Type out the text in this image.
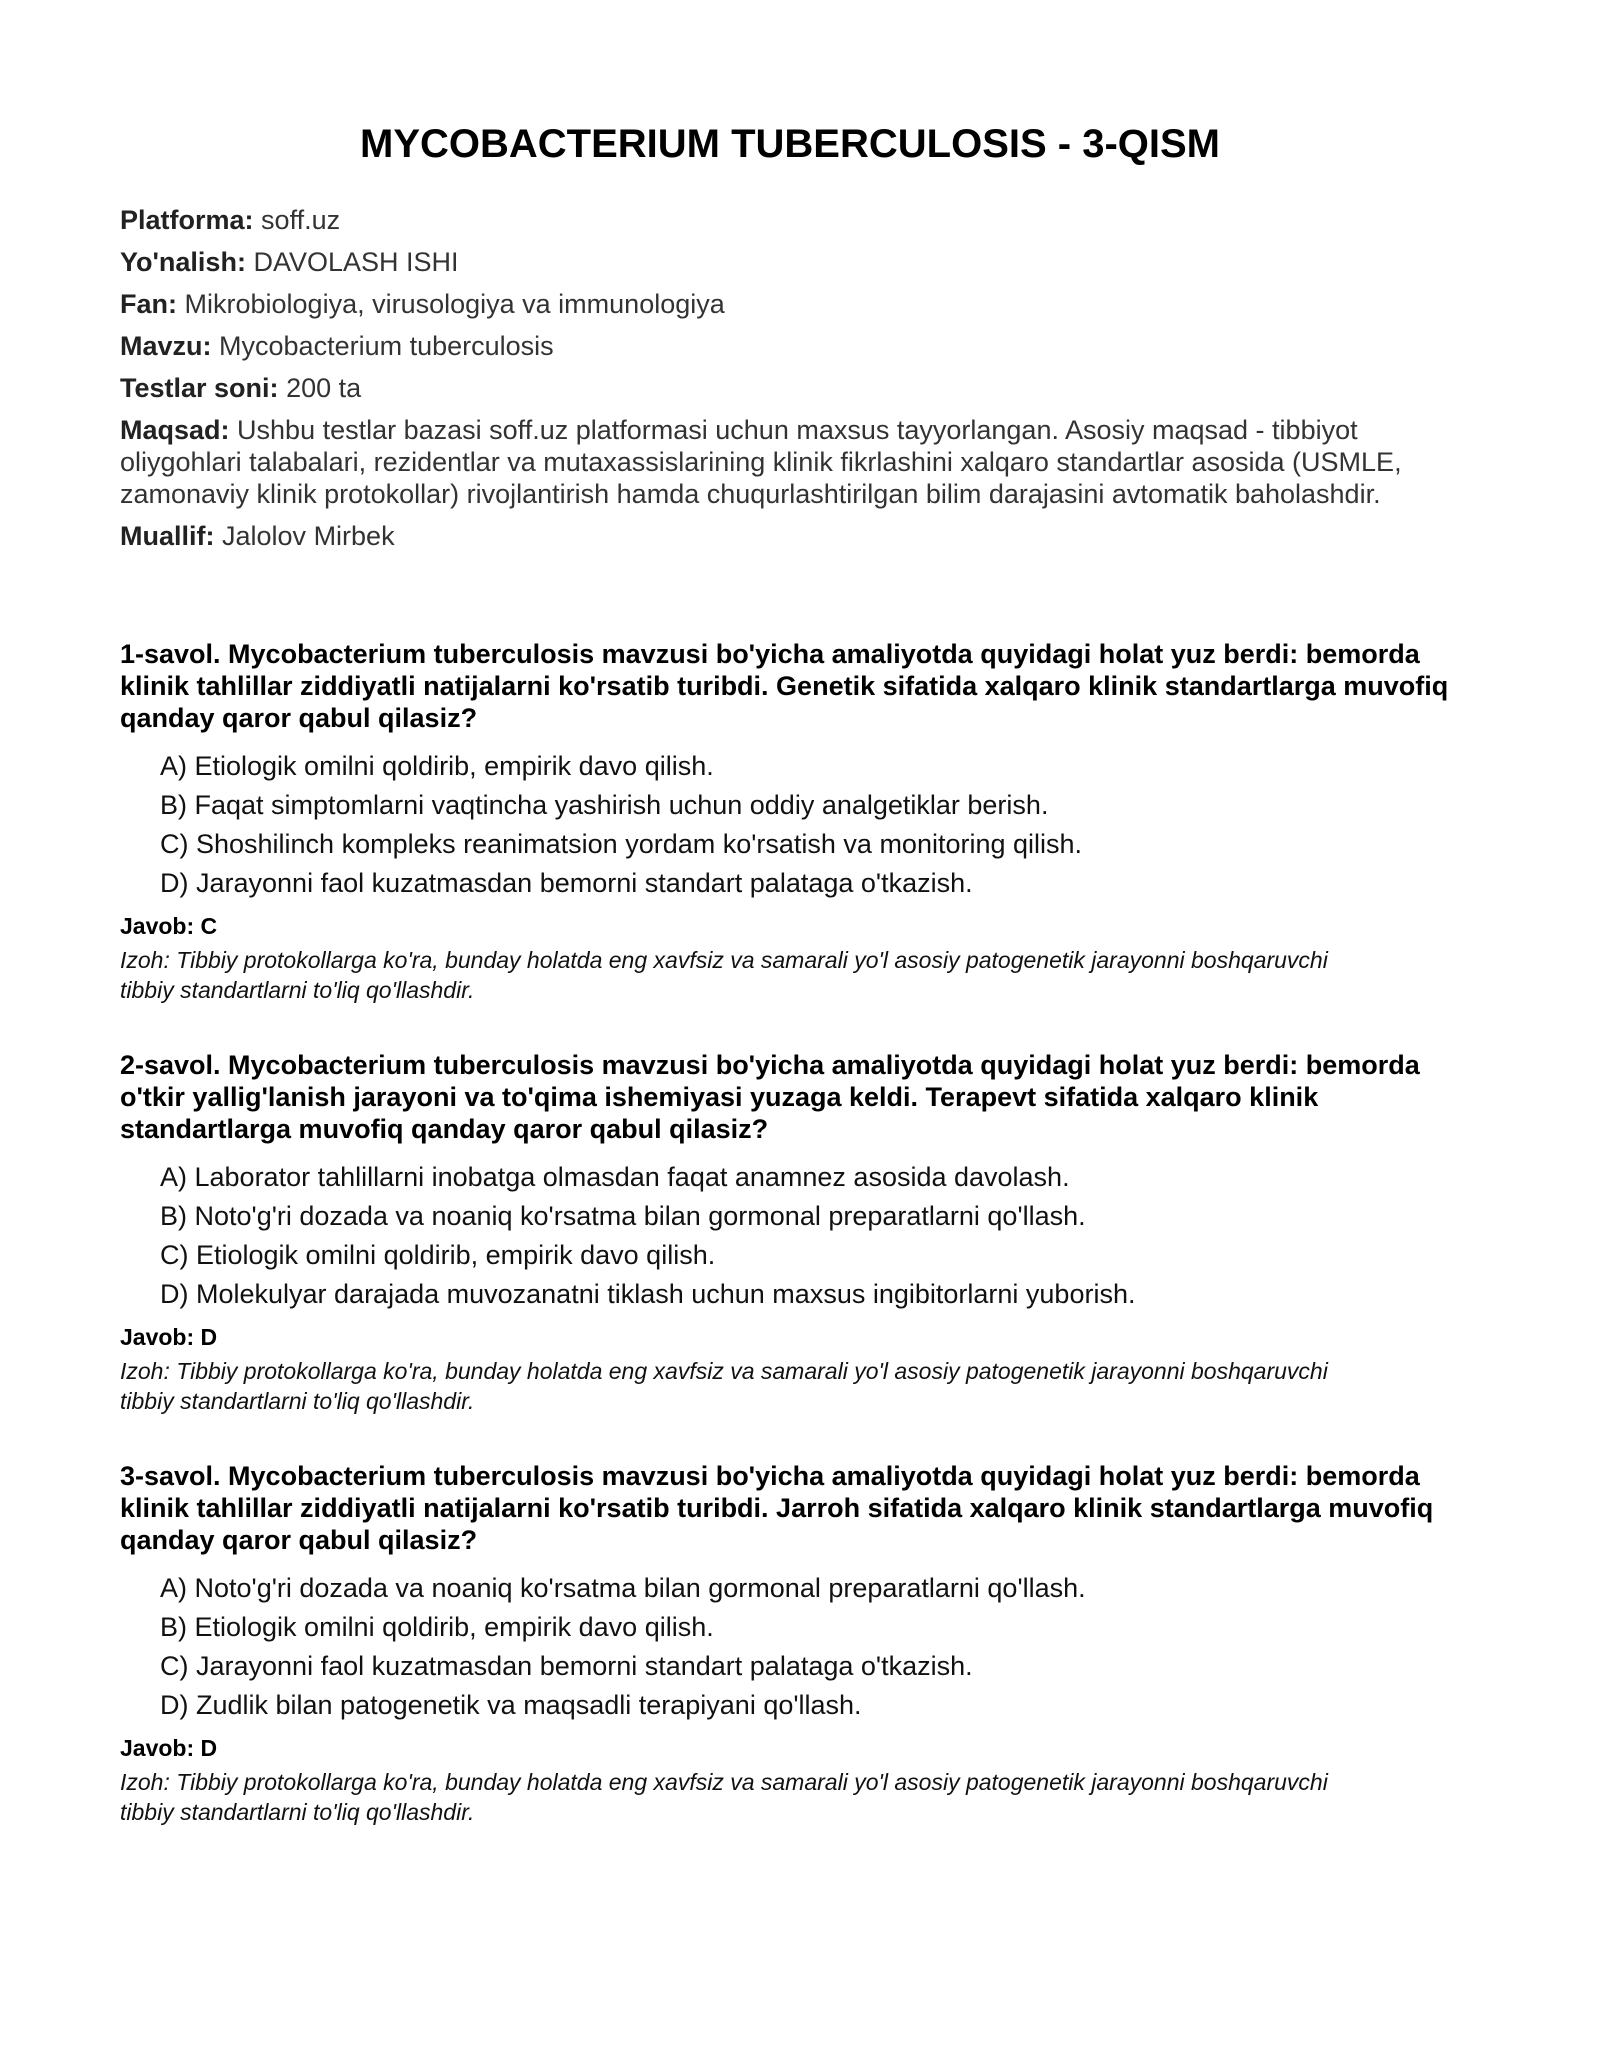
MYCOBACTERIUM TUBERCULOSIS - 3-QISM

Platforma: soff.uz

Yo'nalish: DAVOLASH ISHI

Fan: Mikrobiologiya, virusologiya va immunologiya

Mavzu: Mycobacterium tuberculosis

Testlar soni: 200 ta

Maqsad: Ushbu testlar bazasi soff.uz platformasi uchun maxsus tayyorlangan. Asosiy maqsad - tibbiyot oliygohlari talabalari, rezidentlar va mutaxassislarining klinik fikrlashini xalqaro standartlar asosida (USMLE, zamonaviy klinik protokollar) rivojlantirish hamda chuqurlashtirilgan bilim darajasini avtomatik baholashdir.

Muallif: Jalolov Mirbek

1-savol. Mycobacterium tuberculosis mavzusi bo'yicha amaliyotda quyidagi holat yuz berdi: bemorda klinik tahlillar ziddiyatli natijalarni ko'rsatib turibdi. Genetik sifatida xalqaro klinik standartlarga muvofiq qanday qaror qabul qilasiz?

A) Etiologik omilni qoldirib, empirik davo qilish.
B) Faqat simptomlarni vaqtincha yashirish uchun oddiy analgetiklar berish.
C) Shoshilinch kompleks reanimatsion yordam ko'rsatish va monitoring qilish.
D) Jarayonni faol kuzatmasdan bemorni standart palataga o'tkazish.

Javob: C

Izoh: Tibbiy protokollarga ko'ra, bunday holatda eng xavfsiz va samarali yo'l asosiy patogenetik jarayonni boshqaruvchi tibbiy standartlarni to'liq qo'llashdir.

2-savol. Mycobacterium tuberculosis mavzusi bo'yicha amaliyotda quyidagi holat yuz berdi: bemorda o'tkir yallig'lanish jarayoni va to'qima ishemiyasi yuzaga keldi. Terapevt sifatida xalqaro klinik standartlarga muvofiq qanday qaror qabul qilasiz?

A) Laborator tahlillarni inobatga olmasdan faqat anamnez asosida davolash.
B) Noto'g'ri dozada va noaniq ko'rsatma bilan gormonal preparatlarni qo'llash.
C) Etiologik omilni qoldirib, empirik davo qilish.
D) Molekulyar darajada muvozanatni tiklash uchun maxsus ingibitorlarni yuborish.

Javob: D

Izoh: Tibbiy protokollarga ko'ra, bunday holatda eng xavfsiz va samarali yo'l asosiy patogenetik jarayonni boshqaruvchi tibbiy standartlarni to'liq qo'llashdir.

3-savol. Mycobacterium tuberculosis mavzusi bo'yicha amaliyotda quyidagi holat yuz berdi: bemorda klinik tahlillar ziddiyatli natijalarni ko'rsatib turibdi. Jarroh sifatida xalqaro klinik standartlarga muvofiq qanday qaror qabul qilasiz?

A) Noto'g'ri dozada va noaniq ko'rsatma bilan gormonal preparatlarni qo'llash.
B) Etiologik omilni qoldirib, empirik davo qilish.
C) Jarayonni faol kuzatmasdan bemorni standart palataga o'tkazish.
D) Zudlik bilan patogenetik va maqsadli terapiyani qo'llash.

Javob: D

Izoh: Tibbiy protokollarga ko'ra, bunday holatda eng xavfsiz va samarali yo'l asosiy patogenetik jarayonni boshqaruvchi tibbiy standartlarni to'liq qo'llashdir.
